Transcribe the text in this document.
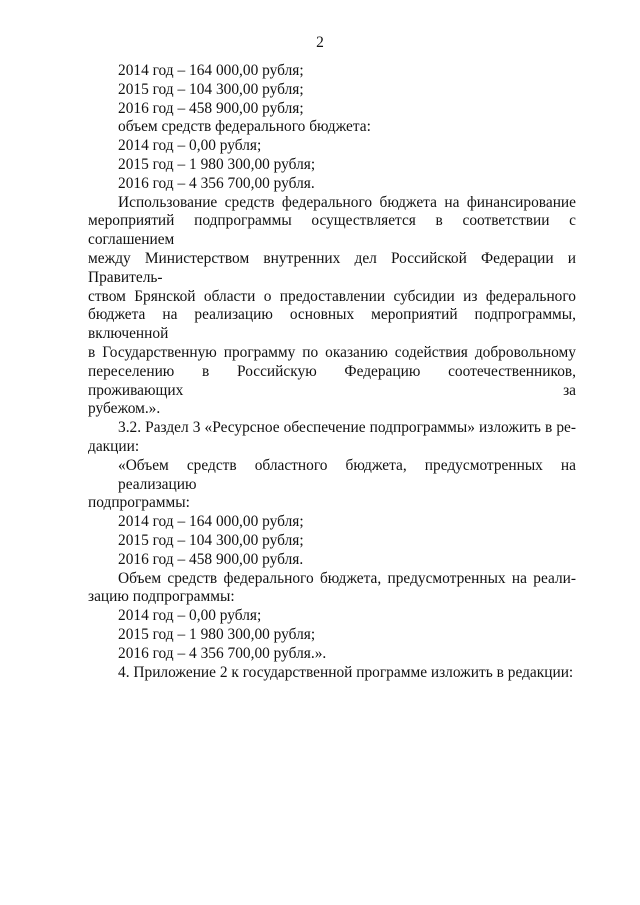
2

2014 год – 164 000,00 рубля;

2015 год – 104 300,00 рубля;

2016 год – 458 900,00 рубля;

объем средств федерального бюджета:

2014 год – 0,00 рубля;

2015 год – 1 980 300,00 рубля;

2016 год – 4 356 700,00 рубля.

Использование средств федерального бюджета на финансирование
мероприятий подпрограммы осуществляется в соответствии с соглашением
между Министерством внутренних дел Российской Федерации и Правитель-
ством Брянской области о предоставлении субсидии из федерального
бюджета на реализацию основных мероприятий подпрограммы, включенной
в Государственную программу по оказанию содействия добровольному
переселению в Российскую Федерацию соотечественников, проживающих за
рубежом.».
3.2. Раздел 3 «Ресурсное обеспечение подпрограммы» изложить в ре-
дакции:
«Объем средств областного бюджета, предусмотренных на реализацию
подпрограммы:

2014 год – 164 000,00 рубля;

2015 год – 104 300,00 рубля;

2016 год – 458 900,00 рубля.

Объем средств федерального бюджета, предусмотренных на реали-
зацию подпрограммы:

2014 год – 0,00 рубля;

2015 год – 1 980 300,00 рубля;

2016 год – 4 356 700,00 рубля.».

4. Приложение 2 к государственной программе изложить в редакции:
